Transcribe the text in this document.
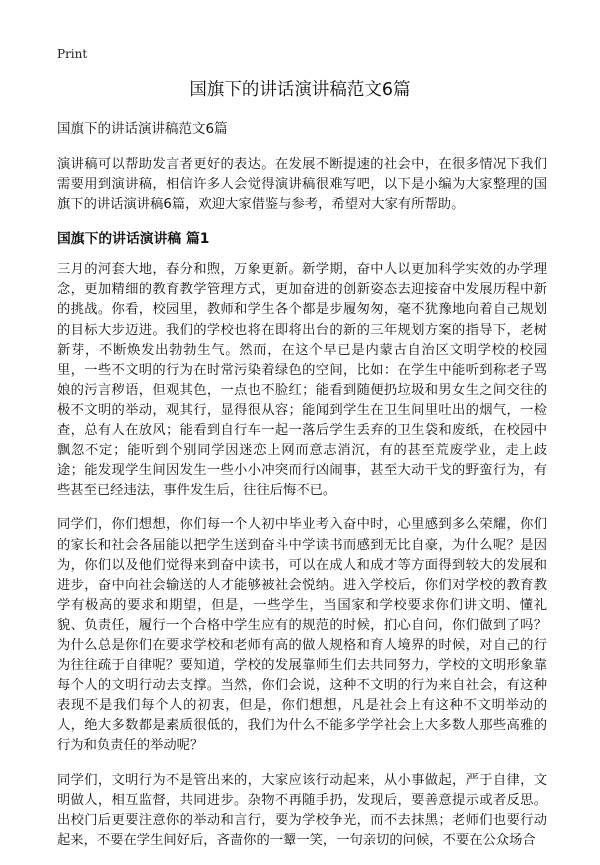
Print
国旗下的讲话演讲稿范文6篇

国旗下的讲话演讲稿范文6篇

演讲稿可以帮助发言者更好的表达。在发展不断提速的社会中，在很多情况下我们需要用到演讲稿，相信许多人会觉得演讲稿很难写吧，以下是小编为大家整理的国旗下的讲话演讲稿6篇，欢迎大家借鉴与参考，希望对大家有所帮助。

国旗下的讲话演讲稿 篇1

三月的河套大地，春分和煦，万象更新。新学期，奋中人以更加科学实效的办学理念，更加精细的教育教学管理方式，更加奋进的创新姿态去迎接奋中发展历程中新的挑战。你看，校园里，教师和学生各个都是步履匆匆，毫不犹豫地向着自己规划的目标大步迈进。我们的学校也将在即将出台的新的三年规划方案的指导下，老树新芽，不断焕发出勃勃生气。然而，在这个早已是内蒙古自治区文明学校的校园里，一些不文明的行为在时常污染着绿色的空间，比如：在学生中能听到称老子骂娘的污言秽语，但观其色，一点也不脸红；能看到随便扔垃圾和男女生之间交往的极不文明的举动，观其行，显得很从容；能闻到学生在卫生间里吐出的烟气，一检查，总有人在放风；能看到自行车一起一落后学生丢弃的卫生袋和废纸，在校园中飘忽不定；能听到个别同学因迷恋上网而意志消沉，有的甚至荒废学业，走上歧途；能发现学生间因发生一些小小冲突而行凶闹事，甚至大动干戈的野蛮行为，有些甚至已经违法，事件发生后，往往后悔不已。

同学们，你们想想，你们每一个人初中毕业考入奋中时，心里感到多么荣耀，你们的家长和社会各届能以把学生送到奋斗中学读书而感到无比自豪，为什么呢？是因为，你们以及他们觉得来到奋中读书，可以在成人和成才等方面得到较大的发展和进步，奋中向社会输送的人才能够被社会悦纳。进入学校后，你们对学校的教育教学有极高的要求和期望，但是，一些学生，当国家和学校要求你们讲文明、懂礼貌、负责任，履行一个合格中学生应有的规范的时候，扪心自问，你们做到了吗？为什么总是你们在要求学校和老师有高的做人规格和育人境界的时候，对自己的行为往往疏于自律呢？要知道，学校的发展靠师生们去共同努力，学校的文明形象靠每个人的文明行动去支撑。当然，你们会说，这种不文明的行为来自社会，有这种表现不是我们每个人的初衷，但是，你们想想，凡是社会上有这种不文明举动的人，绝大多数都是素质很低的，我们为什么不能多学学社会上大多数人那些高雅的行为和负责任的举动呢？

同学们，文明行为不是管出来的，大家应该行动起来，从小事做起，严于自律，文明做人，相互监督，共同进步。杂物不再随手扔，发现后，要善意提示或者反思。出校门后更要注意你的举动和言行，要为学校争光，而不去抹黑；老师们也要行动起来，不要在学生间好后，吝啬你的一颦一笑，一句亲切的问候，不要在公众场合
